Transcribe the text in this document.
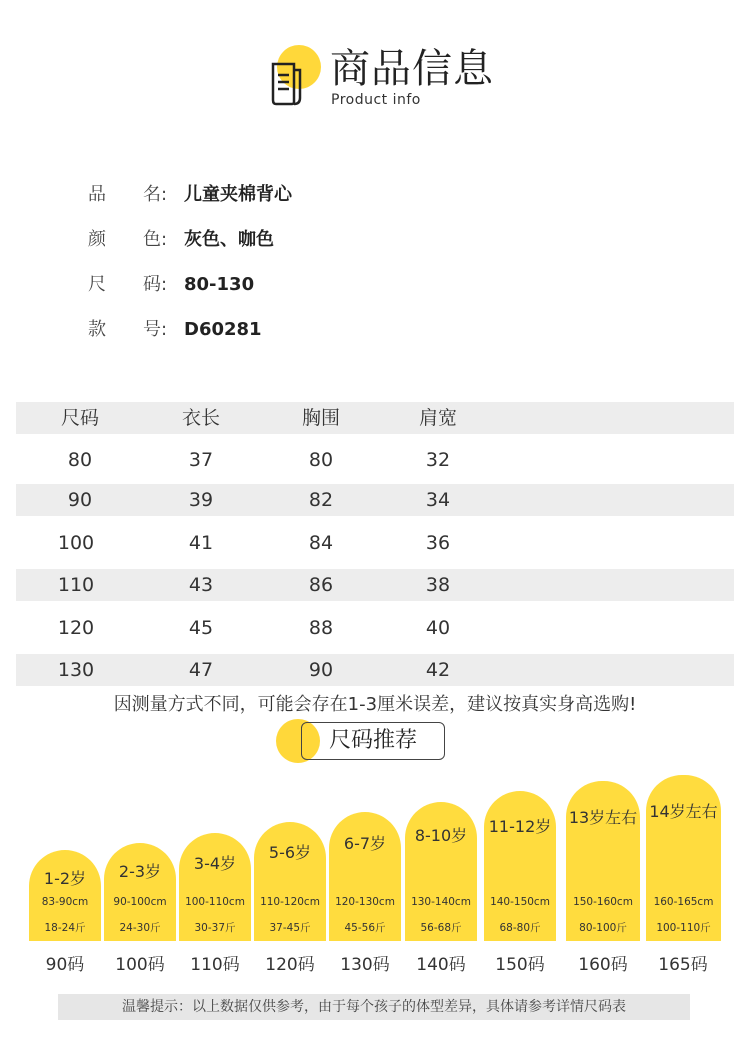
商品信息
Product info
品 名: 儿童夹棉背心
颜 色: 灰色、咖色
尺 码: 80-130
款 号: D60281
尺码	衣长	胸围	肩宽
80	37	80	32
90	39	82	34
100	41	84	36
110	43	86	38
120	45	88	40
130	47	90	42
因测量方式不同，可能会存在1-3厘米误差，建议按真实身高选购!
尺码推荐
1-2岁
83-90cm
18-24斤
2-3岁
90-100cm
24-30斤
3-4岁
100-110cm
30-37斤
5-6岁
110-120cm
37-45斤
6-7岁
120-130cm
45-56斤
8-10岁
130-140cm
56-68斤
11-12岁
140-150cm
68-80斤
13岁左右
150-160cm
80-100斤
14岁左右
160-165cm
100-110斤
90码	100码	110码	120码	130码	140码	150码	160码	165码
温馨提示：以上数据仅供参考，由于每个孩子的体型差异，具体请参考详情尺码表
